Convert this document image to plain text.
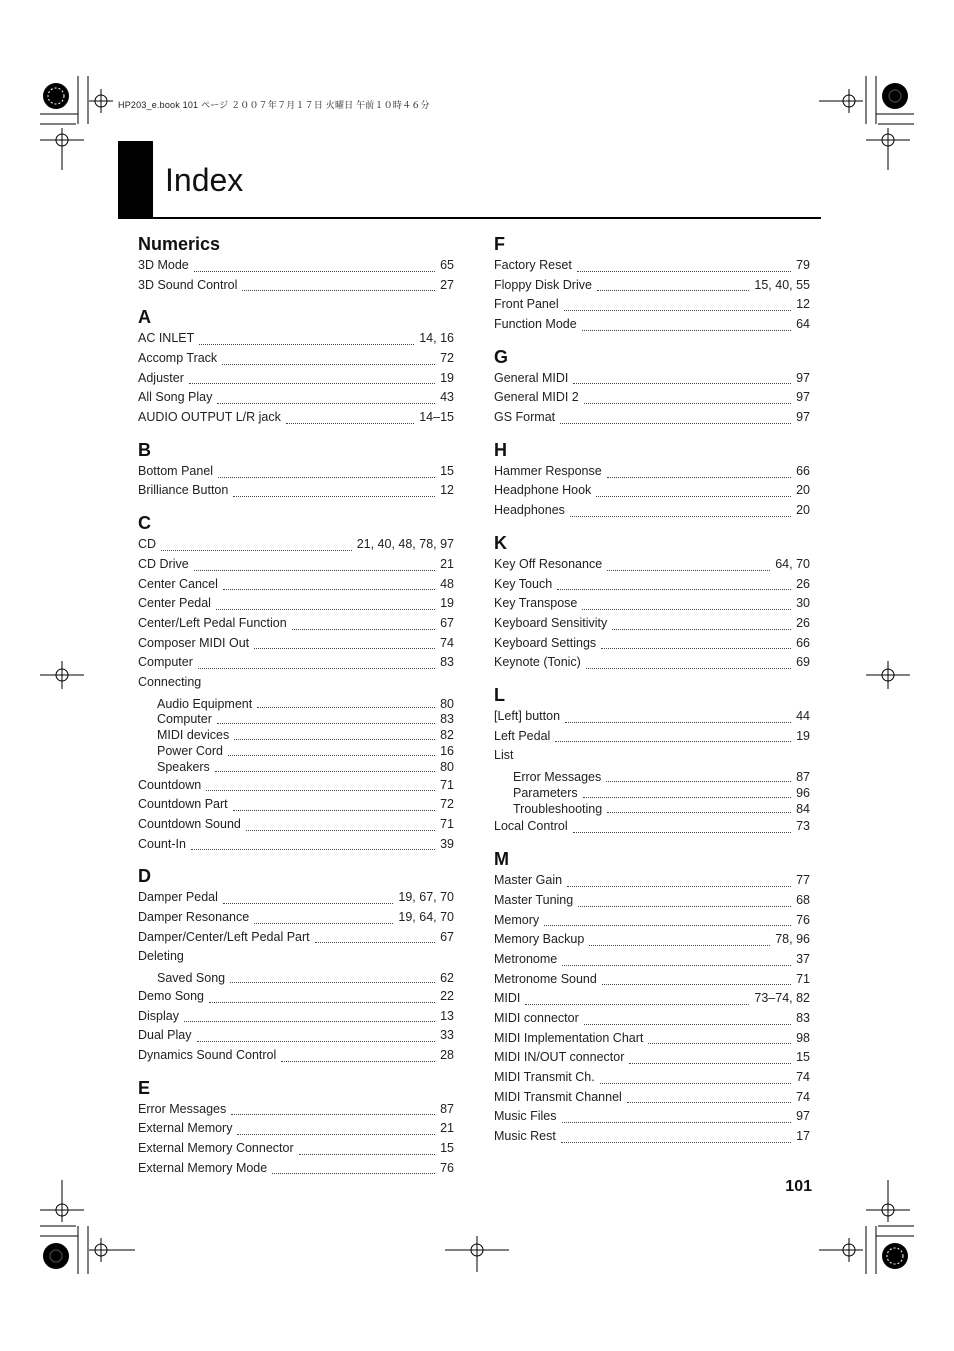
HP203_e.book 101 ページ ２００７年７月１７日 火曜日 午前１０時４６分
Index
Numerics
3D Mode	65
3D Sound Control	27
A
AC INLET	14, 16
Accomp Track	72
Adjuster	19
All Song Play	43
AUDIO OUTPUT L/R jack	14–15
B
Bottom Panel	15
Brilliance Button	12
C
CD	21, 40, 48, 78, 97
CD Drive	21
Center Cancel	48
Center Pedal	19
Center/Left Pedal Function	67
Composer MIDI Out	74
Computer	83
Connecting
Audio Equipment	80
Computer	83
MIDI devices	82
Power Cord	16
Speakers	80
Countdown	71
Countdown Part	72
Countdown Sound	71
Count-In	39
D
Damper Pedal	19, 67, 70
Damper Resonance	19, 64, 70
Damper/Center/Left Pedal Part	67
Deleting
Saved Song	62
Demo Song	22
Display	13
Dual Play	33
Dynamics Sound Control	28
E
Error Messages	87
External Memory	21
External Memory Connector	15
External Memory Mode	76
F
Factory Reset	79
Floppy Disk Drive	15, 40, 55
Front Panel	12
Function Mode	64
G
General MIDI	97
General MIDI 2	97
GS Format	97
H
Hammer Response	66
Headphone Hook	20
Headphones	20
K
Key Off Resonance	64, 70
Key Touch	26
Key Transpose	30
Keyboard Sensitivity	26
Keyboard Settings	66
Keynote (Tonic)	69
L
[Left] button	44
Left Pedal	19
List
Error Messages	87
Parameters	96
Troubleshooting	84
Local Control	73
M
Master Gain	77
Master Tuning	68
Memory	76
Memory Backup	78, 96
Metronome	37
Metronome Sound	71
MIDI	73–74, 82
MIDI connector	83
MIDI Implementation Chart	98
MIDI IN/OUT connector	15
MIDI Transmit Ch.	74
MIDI Transmit Channel	74
Music Files	97
Music Rest	17
101
